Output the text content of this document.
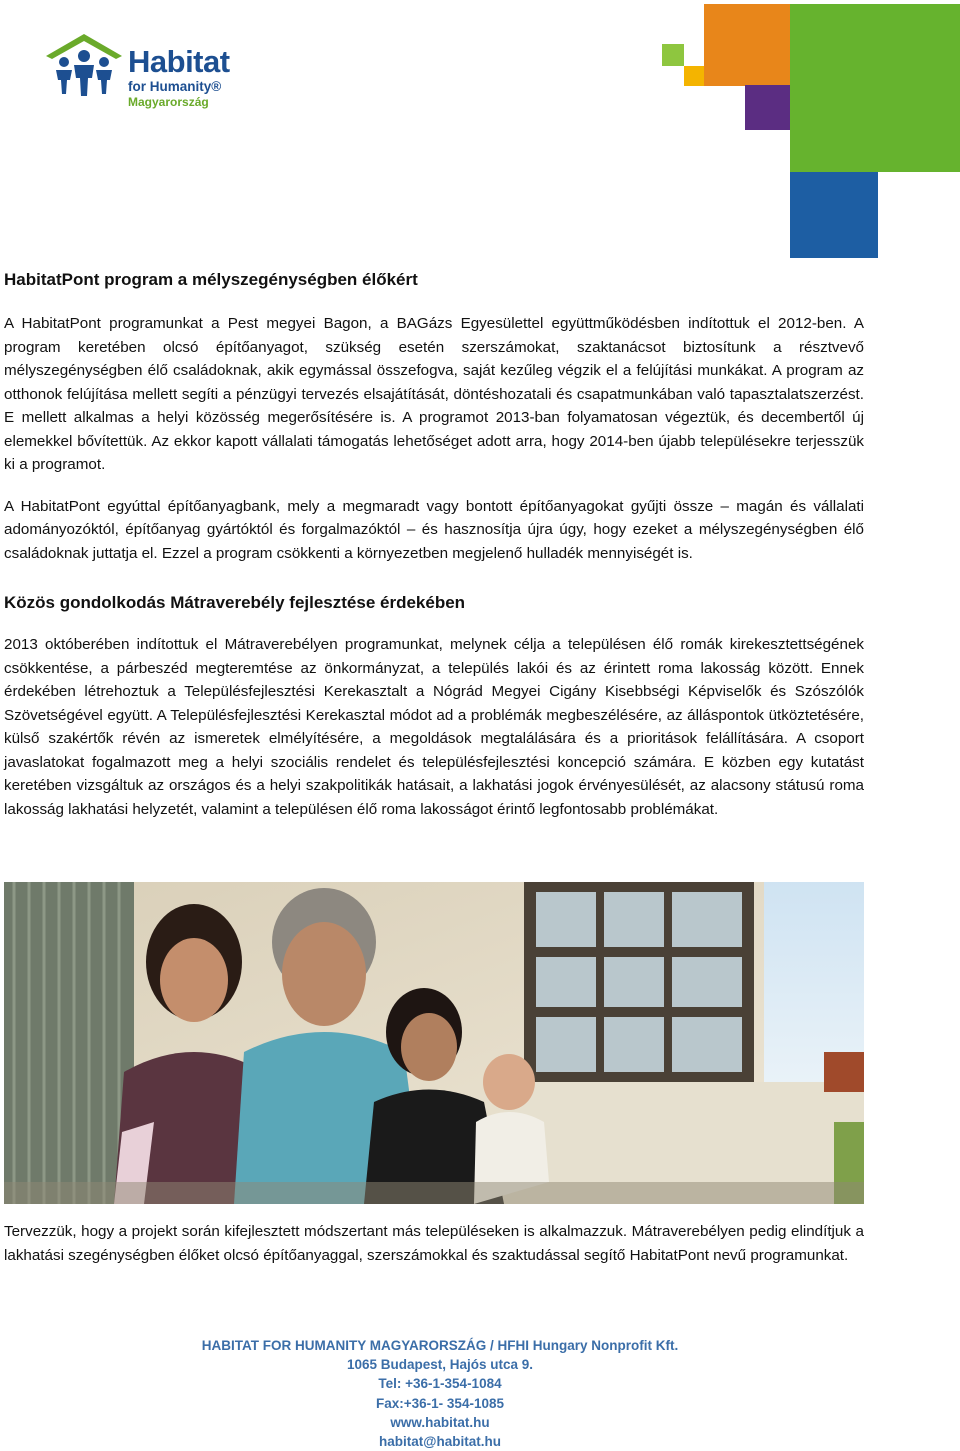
Habitat
for Humanity®
Magyarország
HabitatPont program a mélyszegénységben élőkért

A HabitatPont programunkat a Pest megyei Bagon, a BAGázs Egyesülettel együttműködésben indítottuk el 2012-ben. A program keretében olcsó építőanyagot, szükség esetén szerszámokat, szaktanácsot biztosítunk a résztvevő mélyszegénységben élő családoknak, akik egymással összefogva, saját kezűleg végzik el a felújítási munkákat. A program az otthonok felújítása mellett segíti a pénzügyi tervezés elsajátítását, döntéshozatali és csapatmunkában való tapasztalatszerzést. E mellett alkalmas a helyi közösség megerősítésére is. A programot 2013-ban folyamatosan végeztük, és decembertől új elemekkel bővítettük. Az ekkor kapott vállalati támogatás lehetőséget adott arra, hogy 2014-ben újabb településekre terjesszük ki a programot.

A HabitatPont egyúttal építőanyagbank, mely a megmaradt vagy bontott építőanyagokat gyűjti össze – magán és vállalati adományozóktól, építőanyag gyártóktól és forgalmazóktól – és hasznosítja újra úgy, hogy ezeket a mélyszegénységben élő családoknak juttatja el. Ezzel a program csökkenti a környezetben megjelenő hulladék mennyiségét is.

Közös gondolkodás Mátraverebély fejlesztése érdekében

2013 októberében indítottuk el Mátraverebélyen programunkat, melynek célja a településen élő romák kirekesztettségének csökkentése, a párbeszéd megteremtése az önkormányzat, a település lakói és az érintett roma lakosság között. Ennek érdekében létrehoztuk a Településfejlesztési Kerekasztalt a Nógrád Megyei Cigány Kisebbségi Képviselők és Szószólók Szövetségével együtt. A Településfejlesztési Kerekasztal módot ad a problémák megbeszélésére, az álláspontok ütköztetésére, külső szakértők révén az ismeretek elmélyítésére, a megoldások megtalálására és a prioritások felállítására. A csoport javaslatokat fogalmazott meg a helyi szociális rendelet és településfejlesztési koncepció számára. E közben egy kutatást keretében vizsgáltuk az országos és a helyi szakpolitikák hatásait, a lakhatási jogok érvényesülését, az alacsony státusú roma lakosság lakhatási helyzetét, valamint a településen élő roma lakosságot érintő legfontosabb problémákat.

Tervezzük, hogy a projekt során kifejlesztett módszertant más településeken is alkalmazzuk. Mátraverebélyen pedig elindítjuk a lakhatási szegénységben élőket olcsó építőanyaggal, szerszámokkal és szaktudással segítő HabitatPont nevű programunkat.

HABITAT FOR HUMANITY MAGYARORSZÁG / HFHI Hungary Nonprofit Kft.
1065 Budapest, Hajós utca 9.
Tel: +36-1-354-1084
Fax:+36-1- 354-1085
www.habitat.hu
habitat@habitat.hu
